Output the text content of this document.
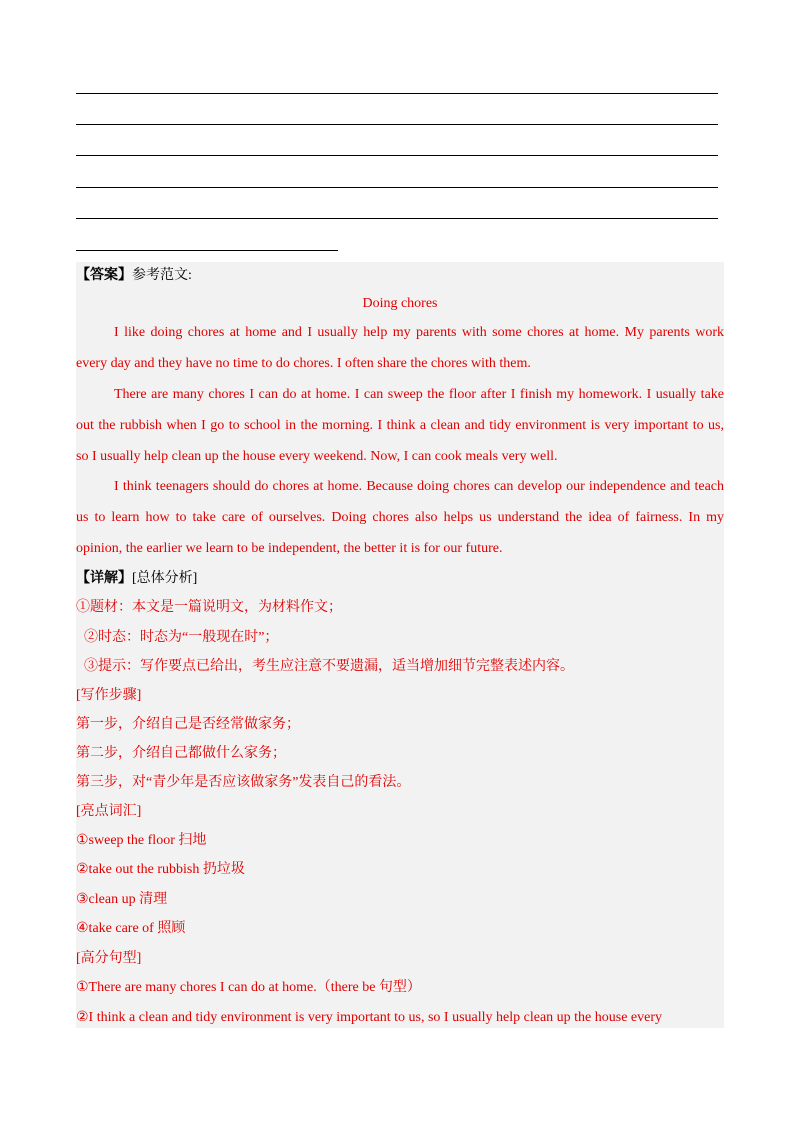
【答案】参考范文:
Doing chores
I like doing chores at home and I usually help my parents with some chores at home. My parents work
every day and they have no time to do chores. I often share the chores with them.
There are many chores I can do at home. I can sweep the floor after I finish my homework. I usually take
out the rubbish when I go to school in the morning. I think a clean and tidy environment is very important to us,
so I usually help clean up the house every weekend. Now, I can cook meals very well.
I think teenagers should do chores at home. Because doing chores can develop our independence and teach
us to learn how to take care of ourselves. Doing chores also helps us understand the idea of fairness. In my
opinion, the earlier we learn to be independent, the better it is for our future.
【详解】[总体分析]
①题材：本文是一篇说明文，为材料作文；
②时态：时态为“一般现在时”；
③提示：写作要点已给出，考生应注意不要遗漏，适当增加细节完整表述内容。
[写作步骤]
第一步，介绍自己是否经常做家务；
第二步，介绍自己都做什么家务；
第三步，对“青少年是否应该做家务”发表自己的看法。
[亮点词汇]
①sweep the floor 扫地
②take out the rubbish 扔垃圾
③clean up 清理
④take care of 照顾
[高分句型]
①There are many chores I can do at home.（there be 句型）
②I think a clean and tidy environment is very important to us, so I usually help clean up the house every
